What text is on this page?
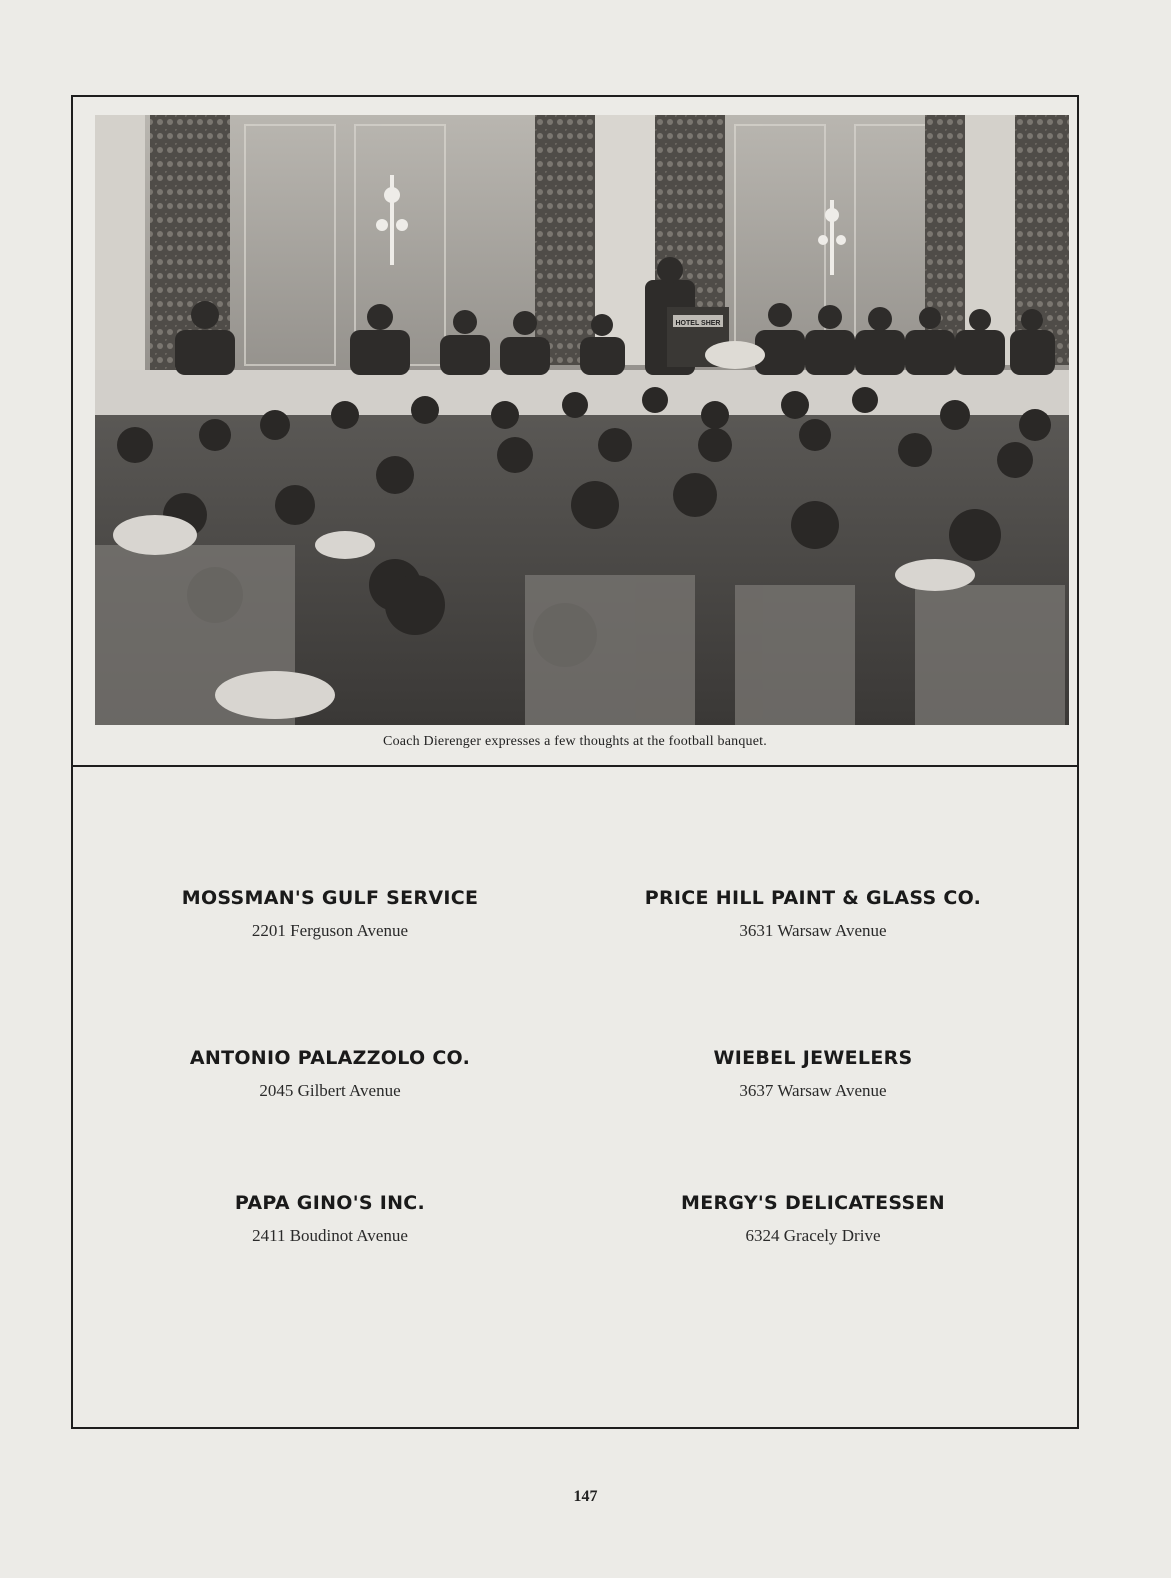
HOTEL SHER
Coach Dierenger expresses a few thoughts at the football banquet.
MOSSMAN'S GULF SERVICE
2201 Ferguson Avenue
PRICE HILL PAINT & GLASS CO.
3631 Warsaw Avenue
ANTONIO PALAZZOLO CO.
2045 Gilbert Avenue
WIEBEL JEWELERS
3637 Warsaw Avenue
PAPA GINO'S INC.
2411 Boudinot Avenue
MERGY'S DELICATESSEN
6324 Gracely Drive
147
